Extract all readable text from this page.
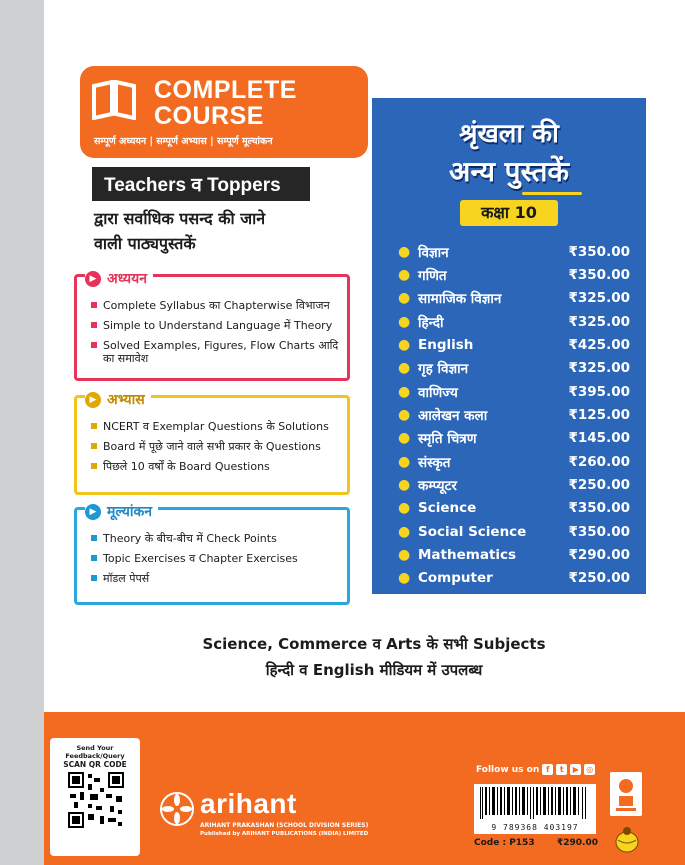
COMPLETE
COURSE
सम्पूर्ण अध्ययन | सम्पूर्ण अभ्यास | सम्पूर्ण मूल्यांकन
Teachers व Toppers
द्वारा सर्वाधिक पसन्द की जाने
वाली पाठ्यपुस्तकें
▶ अध्ययन
Complete Syllabus का Chapterwise विभाजन
Simple to Understand Language में Theory
Solved Examples, Figures, Flow Charts आदि का समावेश
▶ अभ्यास
NCERT व Exemplar Questions के Solutions
Board में पूछे जाने वाले सभी प्रकार के Questions
पिछले 10 वर्षों के Board Questions
▶ मूल्यांकन
Theory के बीच-बीच में Check Points
Topic Exercises व Chapter Exercises
मॉडल पेपर्स
श्रृंखला की
अन्य पुस्तकें
कक्षा 10
● विज्ञान	₹350.00
● गणित	₹350.00
● सामाजिक विज्ञान	₹325.00
● हिन्दी	₹325.00
● English	₹425.00
● गृह विज्ञान	₹325.00
● वाणिज्य	₹395.00
● आलेखन कला	₹125.00
● स्मृति चित्रण	₹145.00
● संस्कृत	₹260.00
● कम्प्यूटर	₹250.00
● Science	₹350.00
● Social Science	₹350.00
● Mathematics	₹290.00
● Computer	₹250.00
Science, Commerce व Arts के सभी Subjects
हिन्दी व English मीडियम में उपलब्ध
Send Your Feedback/Query
SCAN QR CODE
arihant
ARIHANT PRAKASHAN (SCHOOL DIVISION SERIES)
Published by ARIHANT PUBLICATIONS (INDIA) LIMITED
Follow us on f	t	▶ ◎
9 789368 403197
Code : P153 ₹290.00
